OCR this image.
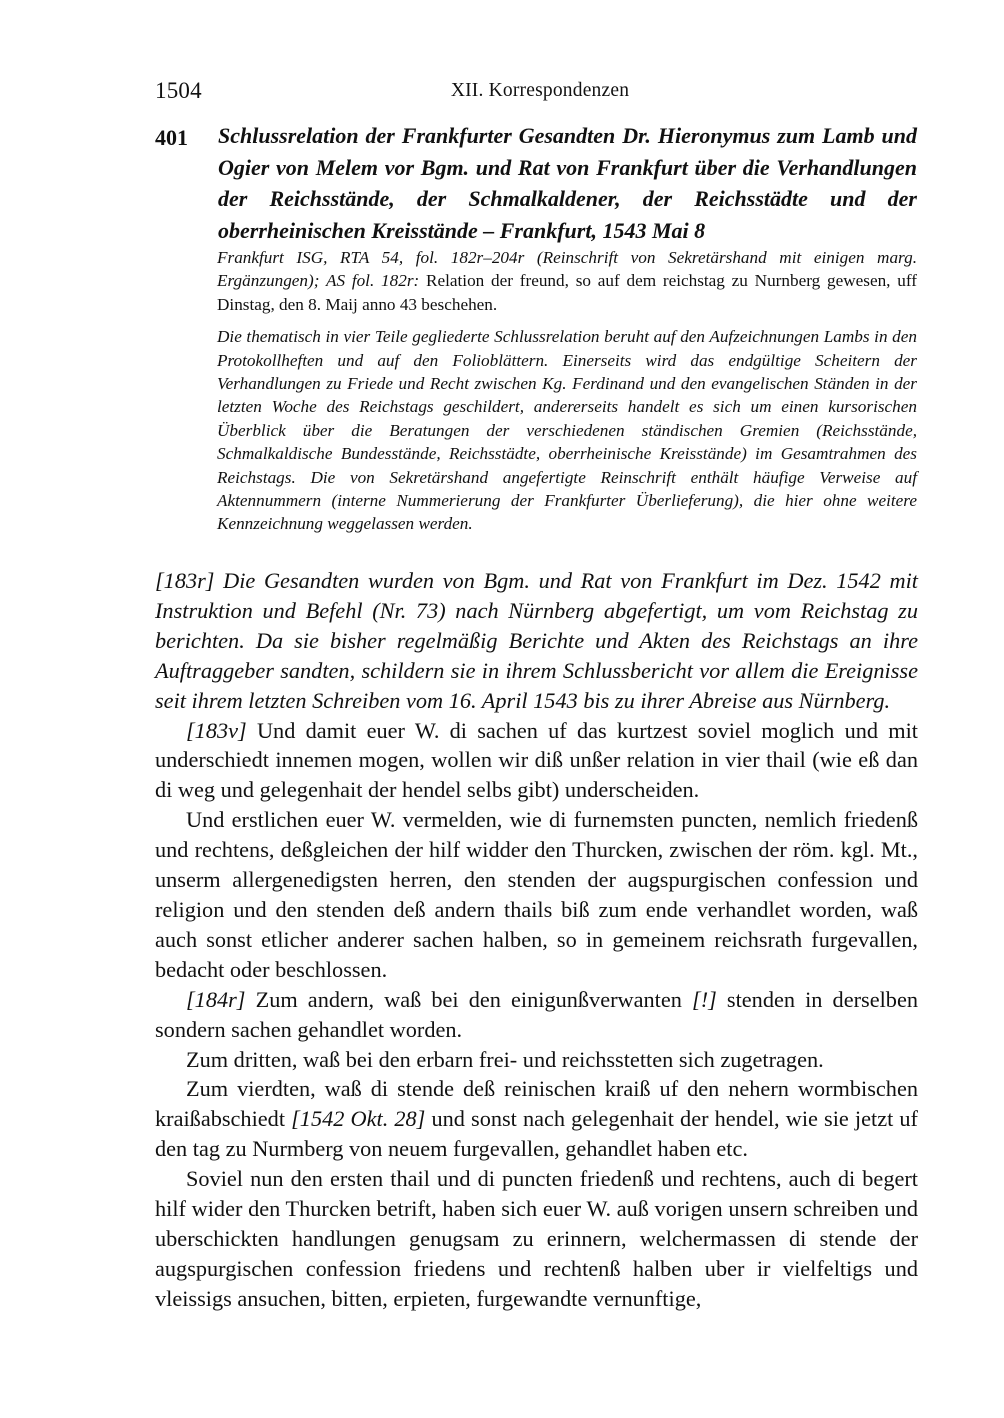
1504	XII. Korrespondenzen
401	Schlussrelation der Frankfurter Gesandten Dr. Hieronymus zum Lamb und Ogier von Melem vor Bgm. und Rat von Frankfurt über die Verhandlungen der Reichsstände, der Schmalkaldener, der Reichsstädte und der oberrheinischen Kreisstände – Frankfurt, 1543 Mai 8

Frankfurt ISG, RTA 54, fol. 182r–204r (Reinschrift von Sekretärshand mit einigen marg. Ergänzungen); AS fol. 182r: Relation der freund, so auf dem reichstag zu Nurnberg gewesen, uff Dinstag, den 8. Maij anno 43 beschehen.

Die thematisch in vier Teile gegliederte Schlussrelation beruht auf den Aufzeichnungen Lambs in den Protokollheften und auf den Folioblättern. Einerseits wird das endgültige Scheitern der Verhandlungen zu Friede und Recht zwischen Kg. Ferdinand und den evangelischen Ständen in der letzten Woche des Reichstags geschildert, andererseits handelt es sich um einen kursorischen Überblick über die Beratungen der verschiedenen ständischen Gremien (Reichsstände, Schmalkaldische Bundesstände, Reichsstädte, oberrheinische Kreisstände) im Gesamtrahmen des Reichstags. Die von Sekretärshand angefertigte Reinschrift enthält häufige Verweise auf Aktennummern (interne Nummerierung der Frankfurter Überlieferung), die hier ohne weitere Kennzeichnung weggelassen werden.

[183r] Die Gesandten wurden von Bgm. und Rat von Frankfurt im Dez. 1542 mit Instruktion und Befehl (Nr. 73) nach Nürnberg abgefertigt, um vom Reichstag zu berichten. Da sie bisher regelmäßig Berichte und Akten des Reichstags an ihre Auftraggeber sandten, schildern sie in ihrem Schlussbericht vor allem die Ereignisse seit ihrem letzten Schreiben vom 16. April 1543 bis zu ihrer Abreise aus Nürnberg.

[183v] Und damit euer W. di sachen uf das kurtzest soviel moglich und mit underschiedt innemen mogen, wollen wir diß unßer relation in vier thail (wie eß dan di weg und gelegenhait der hendel selbs gibt) underscheiden.

Und erstlichen euer W. vermelden, wie di furnemsten puncten, nemlich friedenß und rechtens, deßgleichen der hilf widder den Thurcken, zwischen der röm. kgl. Mt., unserm allergenedigsten herren, den stenden der augspurgischen confession und religion und den stenden deß andern thails biß zum ende verhandlet worden, waß auch sonst etlicher anderer sachen halben, so in gemeinem reichsrath furgevallen, bedacht oder beschlossen.

[184r] Zum andern, waß bei den einigunßverwanten [!] stenden in derselben sondern sachen gehandlet worden.

Zum dritten, waß bei den erbarn frei- und reichsstetten sich zugetragen.

Zum vierdten, waß di stende deß reinischen kraiß uf den nehern wormbischen kraißabschiedt [1542 Okt. 28] und sonst nach gelegenhait der hendel, wie sie jetzt uf den tag zu Nurmberg von neuem furgevallen, gehandlet haben etc.

Soviel nun den ersten thail und di puncten friedenß und rechtens, auch di begert hilf wider den Thurcken betrift, haben sich euer W. auß vorigen unsern schreiben und uberschickten handlungen genugsam zu erinnern, welchermassen di stende der augspurgischen confession friedens und rechtenß halben uber ir vielfeltigs und vleissigs ansuchen, bitten, erpieten, furgewandte vernunftige,
